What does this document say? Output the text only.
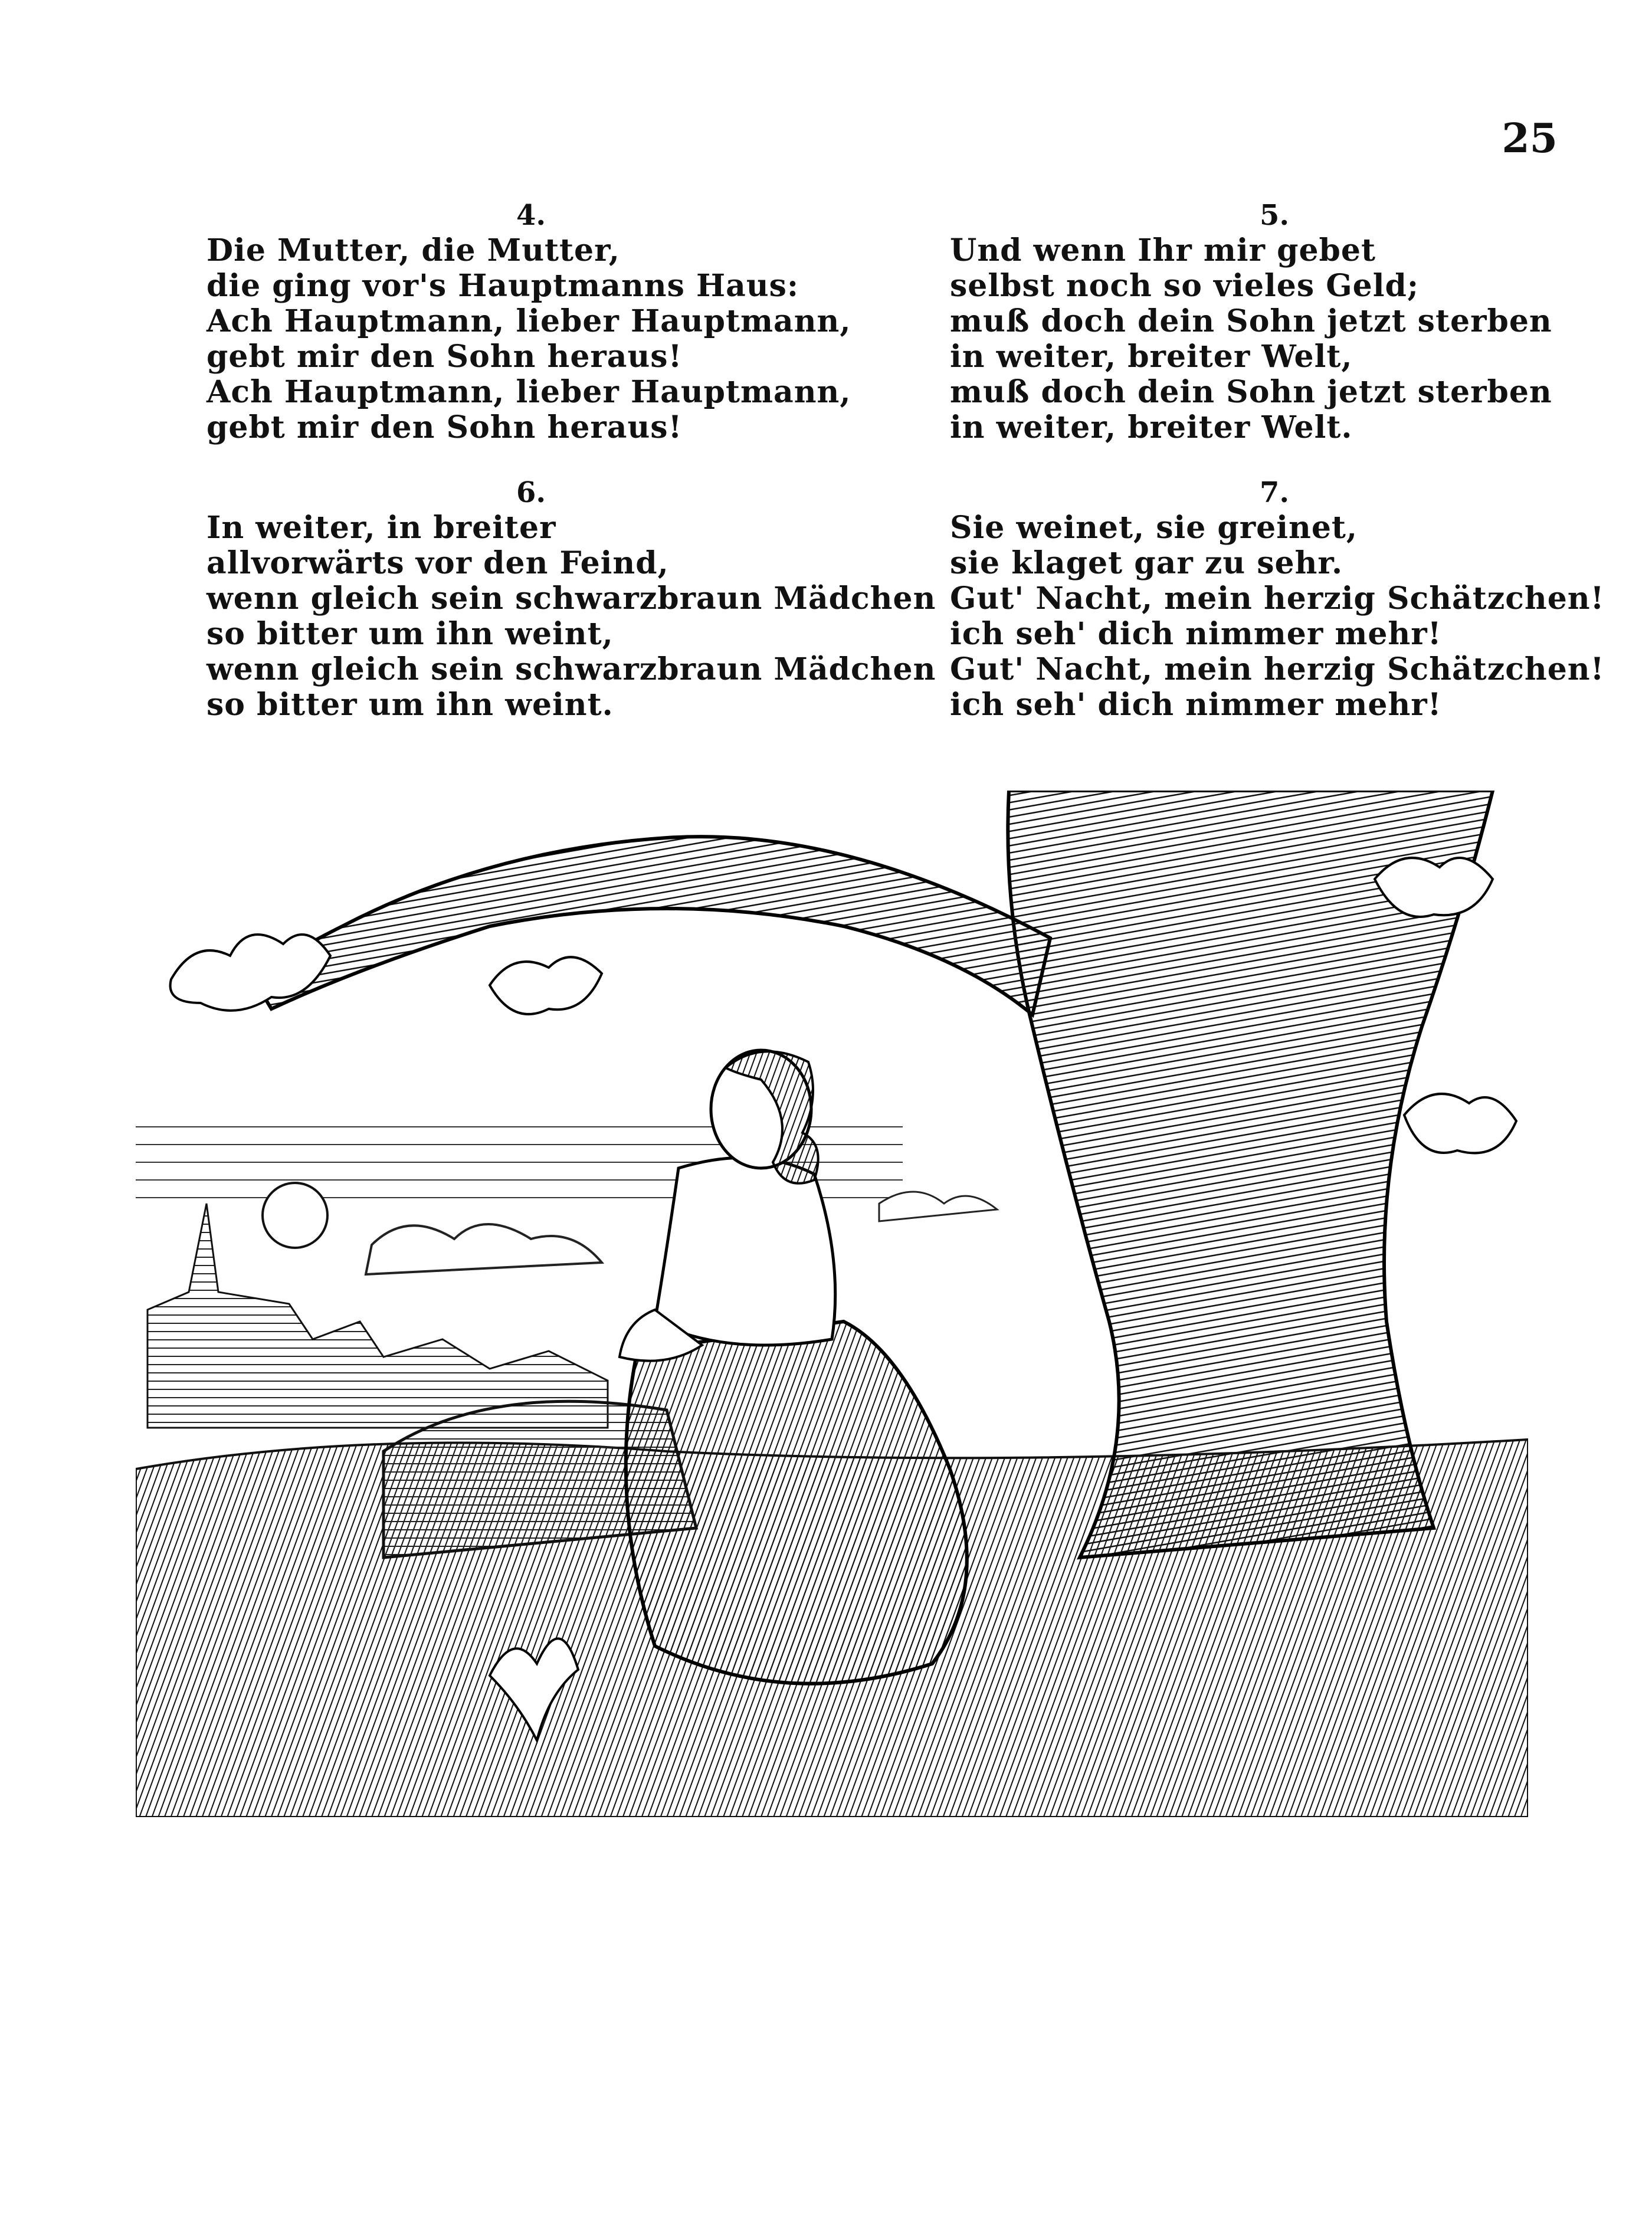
25
4.
Die Mutter, die Mutter,
die ging vor's Hauptmanns Haus:
Ach Hauptmann, lieber Hauptmann,
gebt mir den Sohn heraus!
Ach Hauptmann, lieber Hauptmann,
gebt mir den Sohn heraus!
5.
Und wenn Ihr mir gebet
selbst noch so vieles Geld;
muß doch dein Sohn jetzt sterben
in weiter, breiter Welt,
muß doch dein Sohn jetzt sterben
in weiter, breiter Welt.
6.
In weiter, in breiter
allvorwärts vor den Feind,
wenn gleich sein schwarzbraun Mädchen
so bitter um ihn weint,
wenn gleich sein schwarzbraun Mädchen
so bitter um ihn weint.
7.
Sie weinet, sie greinet,
sie klaget gar zu sehr.
Gut' Nacht, mein herzig Schätzchen!
ich seh' dich nimmer mehr!
Gut' Nacht, mein herzig Schätzchen!
ich seh' dich nimmer mehr!
